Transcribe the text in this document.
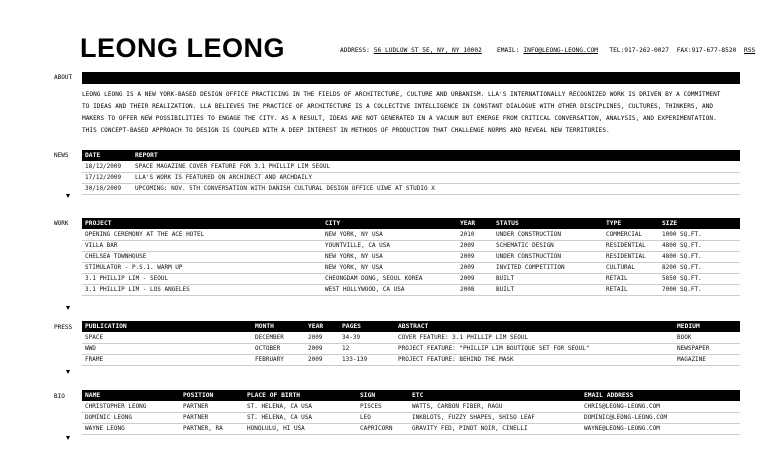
LEONG LEONG	ADDRESS: 56 LUDLOW ST 5E, NY, NY 10002 EMAIL: INFO@LEONG-LEONG.COM TEL:917-262-0027 FAX:917-677-8520 RSS
ABOUT
LEONG LEONG IS A NEW YORK-BASED DESIGN OFFICE PRACTICING IN THE FIELDS OF ARCHITECTURE, CULTURE AND URBANISM. LLA'S INTERNATIONALLY RECOGNIZED WORK IS DRIVEN BY A COMMITMENT
TO IDEAS AND THEIR REALIZATION. LLA BELIEVES THE PRACTICE OF ARCHITECTURE IS A COLLECTIVE INTELLIGENCE IN CONSTANT DIALOGUE WITH OTHER DISCIPLINES, CULTURES, THINKERS, AND
MAKERS TO OFFER NEW POSSIBILITIES TO ENGAGE THE CITY. AS A RESULT, IDEAS ARE NOT GENERATED IN A VACUUM BUT EMERGE FROM CRITICAL CONVERSATION, ANALYSIS, AND EXPERIMENTATION.
THIS CONCEPT-BASED APPROACH TO DESIGN IS COUPLED WITH A DEEP INTEREST IN METHODS OF PRODUCTION THAT CHALLENGE NORMS AND REVEAL NEW TERRITORIES.
NEWS	DATE	REPORT
18/12/2009	SPACE MAGAZINE COVER FEATURE FOR 3.1 PHILLIP LIM SEOUL
17/12/2009	LLA'S WORK IS FEATURED ON ARCHINECT AND ARCHDAILY
30/10/2009	UPCOMING: NOV. 5TH CONVERSATION WITH DANISH CULTURAL DESIGN OFFICE UIWE AT STUDIO X
WORK	PROJECT	CITY	YEAR	STATUS	TYPE	SIZE
OPENING CEREMONY AT THE ACE HOTEL	NEW YORK, NY USA	2010	UNDER CONSTRUCTION	COMMERCIAL	1000 SQ.FT.
VILLA BAR	YOUNTVILLE, CA USA	2009	SCHEMATIC DESIGN	RESIDENTIAL	4800 SQ.FT.
CHELSEA TOWNHOUSE	NEW YORK, NY USA	2009	UNDER CONSTRUCTION	RESIDENTIAL	4800 SQ.FT.
STIMULATOR - P.S.1. WARM UP	NEW YORK, NY USA	2009	INVITED COMPETITION	CULTURAL	8200 SQ.FT.
3.1 PHILLIP LIM - SEOUL	CHEONGDAM DONG, SEOUL KOREA	2009	BUILT	RETAIL	5850 SQ.FT.
3.1 PHILLIP LIM - LOS ANGELES	WEST HOLLYWOOD, CA USA	2008	BUILT	RETAIL	7000 SQ.FT.
PRESS	PUBLICATION	MONTH	YEAR	PAGES	ABSTRACT	MEDIUM
SPACE	DECEMBER	2009	34-39	COVER FEATURE: 3.1 PHILLIP LIM SEOUL	BOOK
WWD	OCTOBER	2009	12	PROJECT FEATURE: "PHILLIP LIM BOUTIQUE SET FOR SEOUL"	NEWSPAPER
FRAME	FEBRUARY	2009	133-139	PROJECT FEATURE: BEHIND THE MASK	MAGAZINE
BIO	NAME	POSITION	PLACE OF BIRTH	SIGN	ETC	EMAIL ADDRESS
CHRISTOPHER LEONG	PARTNER	ST. HELENA, CA USA	PISCES	WATTS, CARBON FIBER, RAGU	CHRIS@LEONG-LEONG.COM
DOMINIC LEONG	PARTNER	ST. HELENA, CA USA	LEO	INKBLOTS, FUZZY SHAPES, SHISO LEAF	DOMINIC@LEONG-LEONG.COM
WAYNE LEONG	PARTNER, RA	HONOLULU, HI USA	CAPRICORN	GRAVITY FED, PINOT NOIR, CINELLI	WAYNE@LEONG-LEONG.COM
